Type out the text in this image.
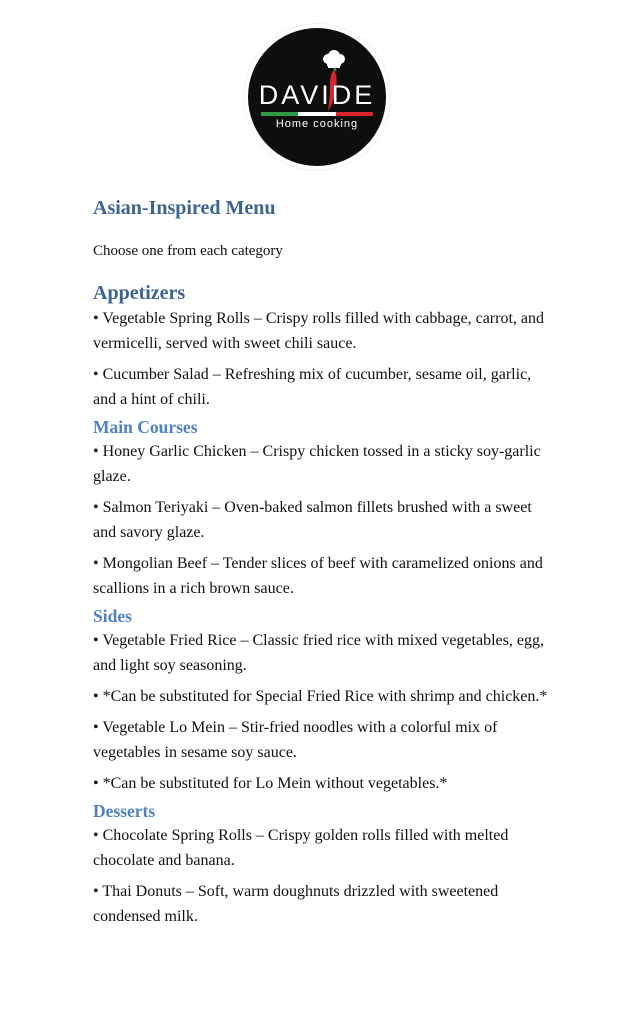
DAVIDE
Home cooking
Asian-Inspired Menu

Choose one from each category

Appetizers

• Vegetable Spring Rolls – Crispy rolls filled with cabbage, carrot, and vermicelli, served with sweet chili sauce.

• Cucumber Salad – Refreshing mix of cucumber, sesame oil, garlic, and a hint of chili.

Main Courses

• Honey Garlic Chicken – Crispy chicken tossed in a sticky soy-garlic glaze.

• Salmon Teriyaki – Oven-baked salmon fillets brushed with a sweet and savory glaze.

• Mongolian Beef – Tender slices of beef with caramelized onions and scallions in a rich brown sauce.

Sides

• Vegetable Fried Rice – Classic fried rice with mixed vegetables, egg, and light soy seasoning.

• *Can be substituted for Special Fried Rice with shrimp and chicken.*

• Vegetable Lo Mein – Stir-fried noodles with a colorful mix of vegetables in sesame soy sauce.

• *Can be substituted for Lo Mein without vegetables.*

Desserts

• Chocolate Spring Rolls – Crispy golden rolls filled with melted chocolate and banana.

• Thai Donuts – Soft, warm doughnuts drizzled with sweetened condensed milk.
